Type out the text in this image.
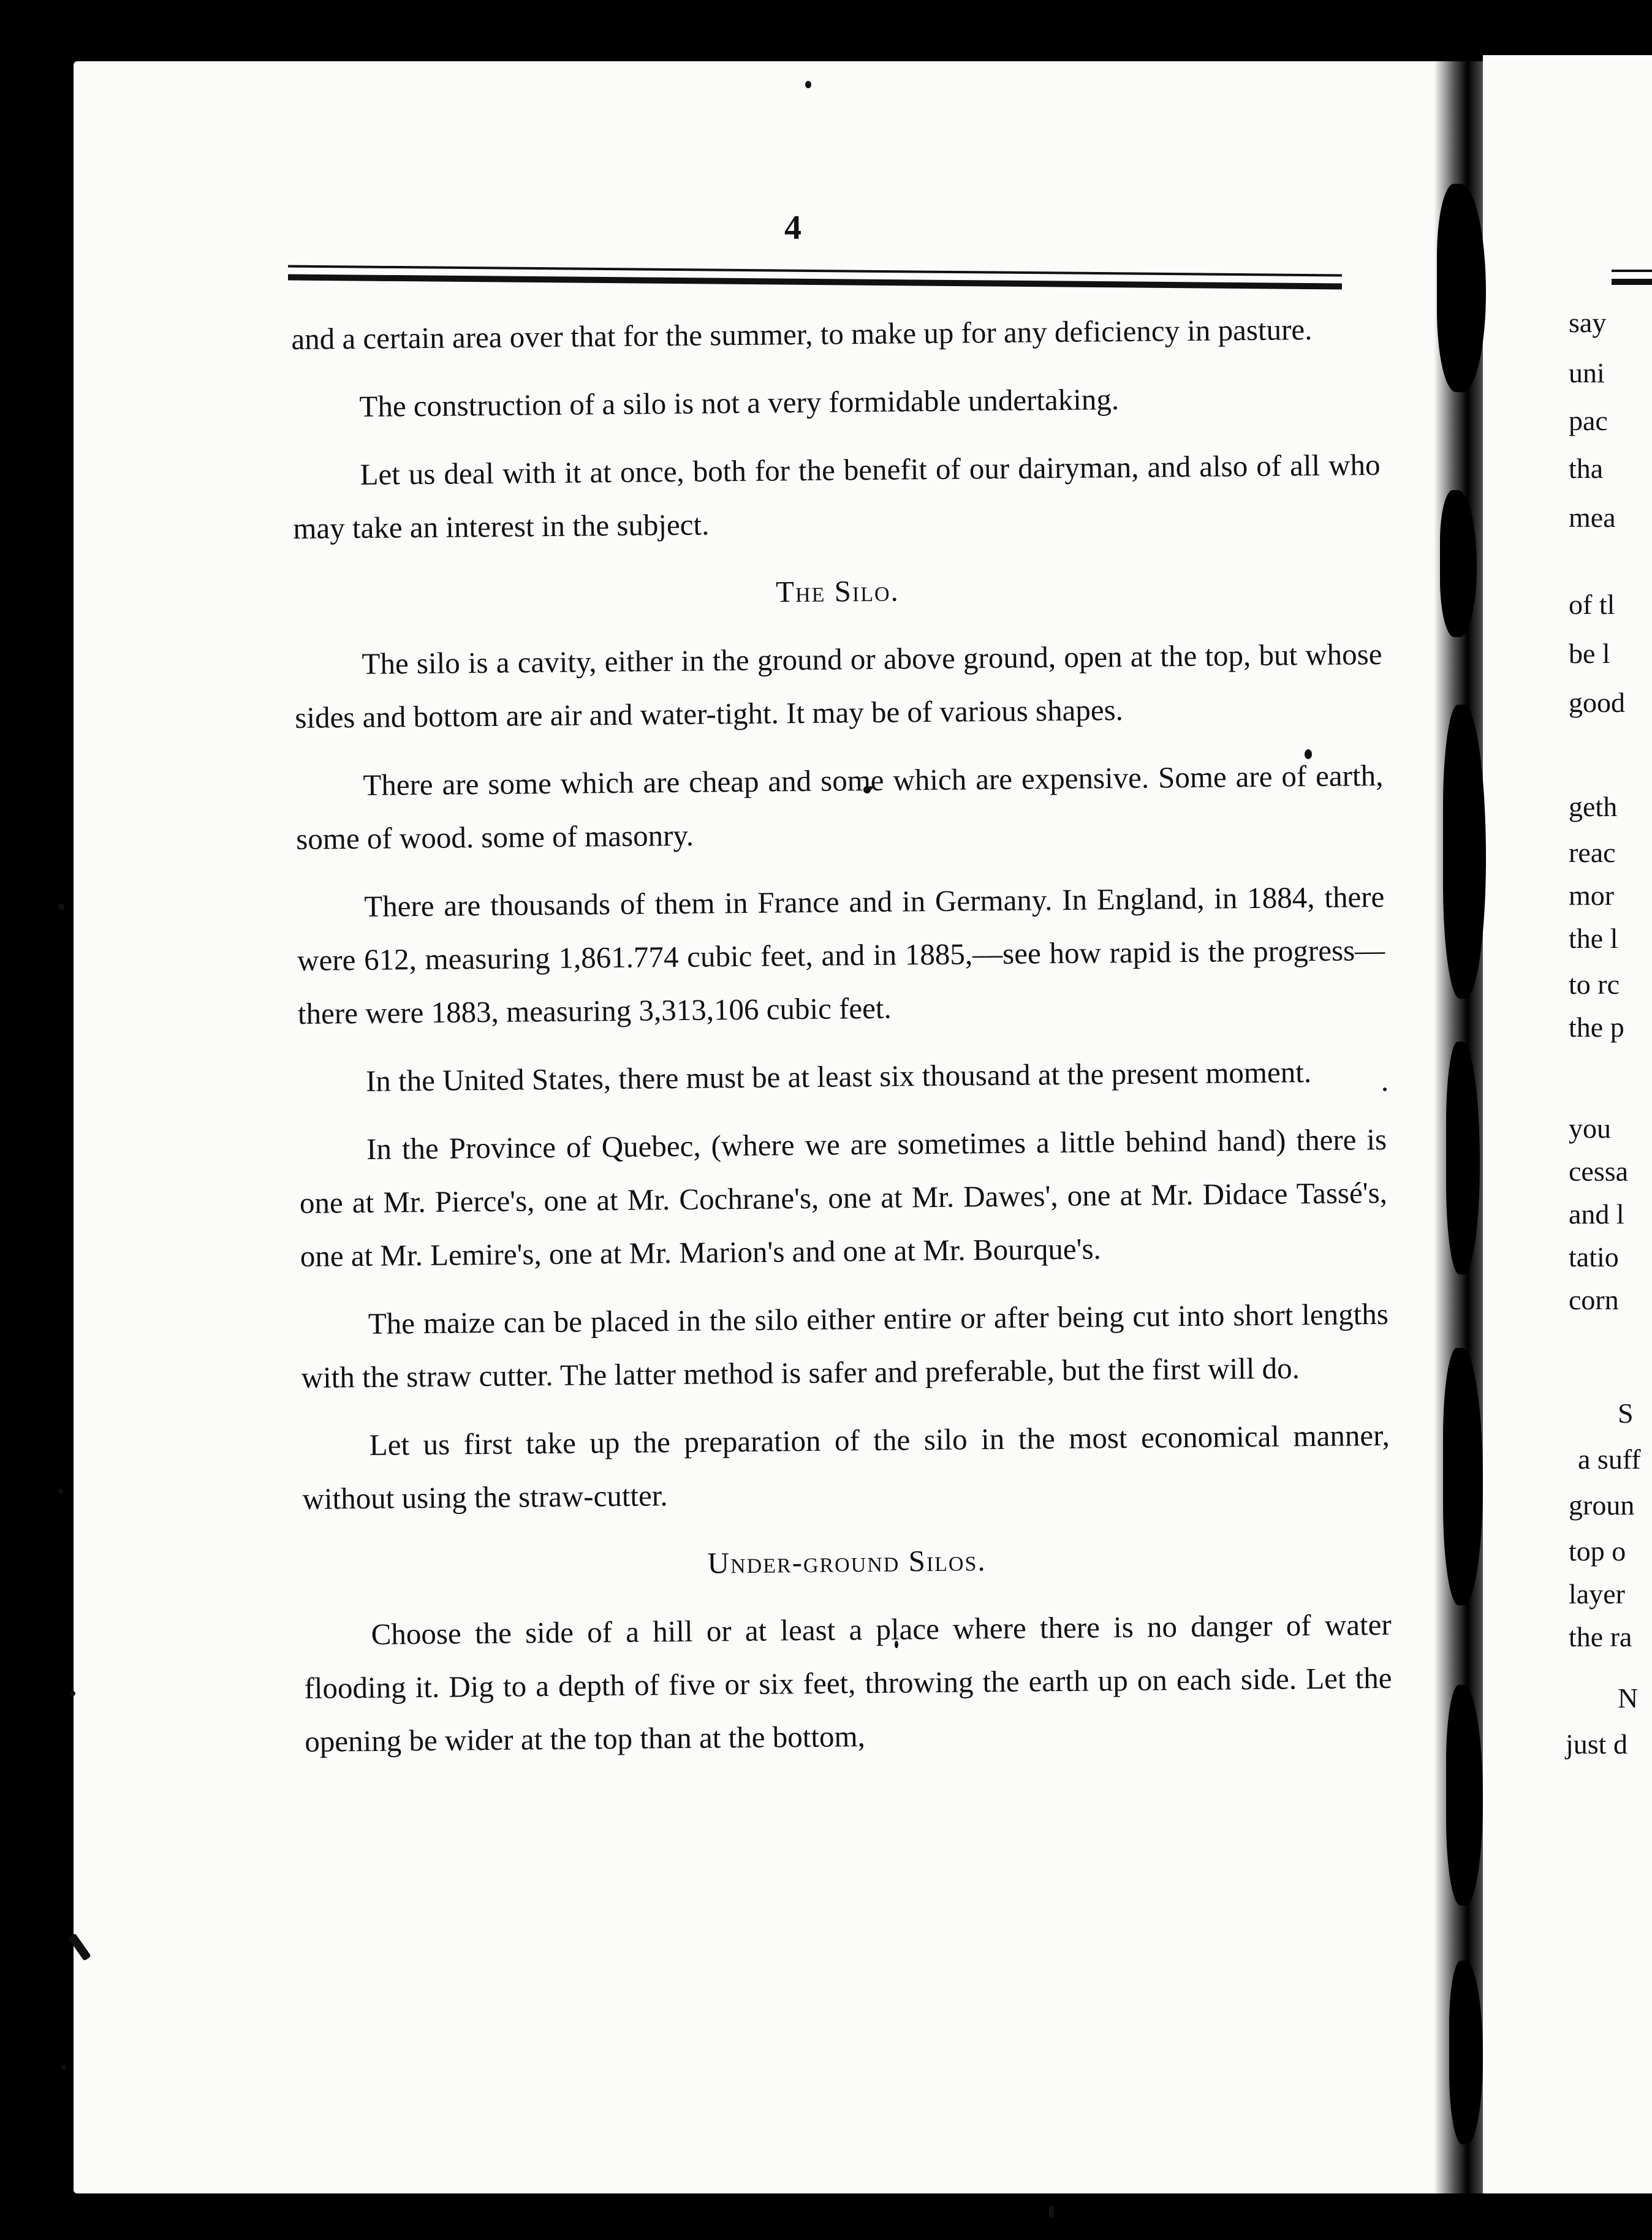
4

and a certain area over that for the summer, to make up for any deficiency in pasture.

The construction of a silo is not a very formidable undertaking.

Let us deal with it at once, both for the benefit of our dairyman, and also of all who may take an interest in the subject.

The Silo.

The silo is a cavity, either in the ground or above ground, open at the top, but whose sides and bottom are air and water-tight. It may be of various shapes.

There are some which are cheap and some which are expensive. Some are of earth, some of wood. some of masonry.

There are thousands of them in France and in Germany. In England, in 1884, there were 612, measuring 1,861.774 cubic feet, and in 1885,—see how rapid is the progress—there were 1883, measuring 3,313,106 cubic feet.

In the United States, there must be at least six thousand at the present moment.

In the Province of Quebec, (where we are sometimes a little behind hand) there is one at Mr. Pierce's, one at Mr. Cochrane's, one at Mr. Dawes', one at Mr. Didace Tassé's, one at Mr. Lemire's, one at Mr. Marion's and one at Mr. Bourque's.

The maize can be placed in the silo either entire or after being cut into short lengths with the straw cutter. The latter method is safer and preferable, but the first will do.

Let us first take up the preparation of the silo in the most economical manner, without using the straw-cutter.

Under-ground Silos.

Choose the side of a hill or at least a place where there is no danger of water flooding it. Dig to a depth of five or six feet, throwing the earth up on each side. Let the opening be wider at the top than at the bottom,

say
uni
pac
tha
mea
of tl
be l
good
geth
reac
mor
the l
to rc
the p
you
cessa
and l
tatio
corn
S
a suff
groun
top o
layer
the ra
N
just d
